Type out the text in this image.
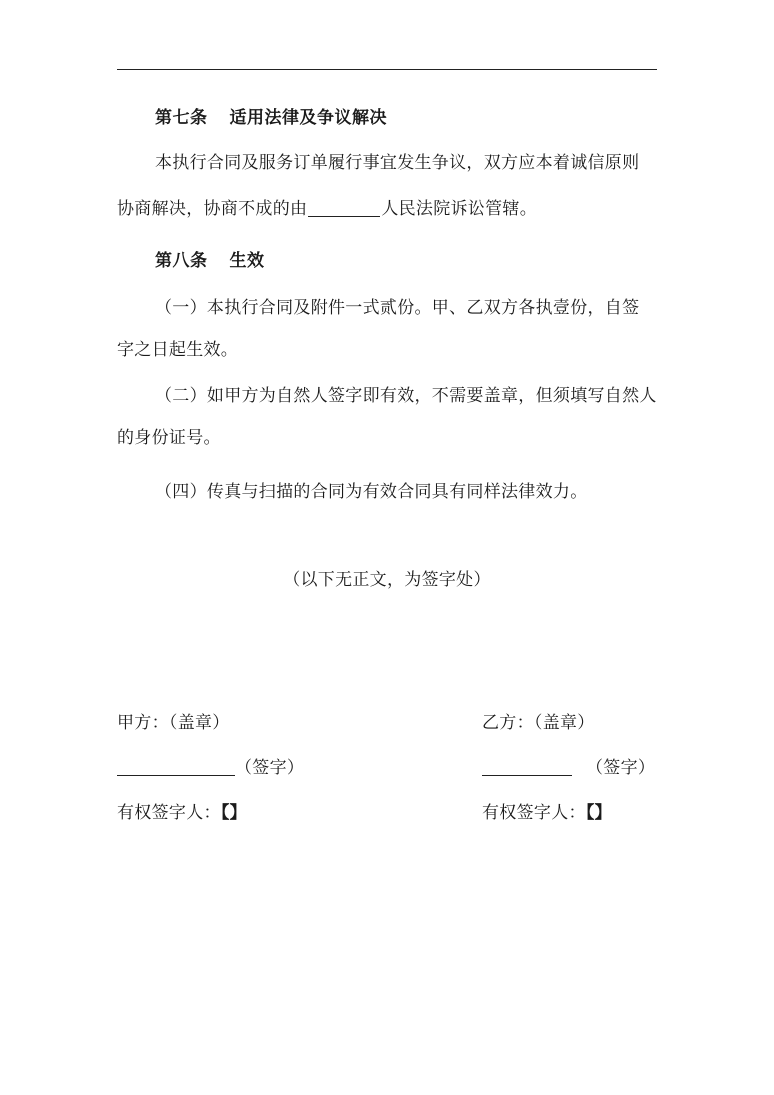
第七条 适用法律及争议解决
本执行合同及服务订单履行事宜发生争议，双方应本着诚信原则
协商解决，协商不成的由	人民法院诉讼管辖。
第八条 生效
（一）本执行合同及附件一式贰份。甲、乙双方各执壹份，自签
字之日起生效。
（二）如甲方为自然人签字即有效，不需要盖章，但须填写自然人
的身份证号。
（四）传真与扫描的合同为有效合同具有同样法律效力。
（以下无正文，为签字处）
甲方：（盖章）
（签字）
有权签字人：【】
乙方：（盖章）
（签字）
有权签字人：【】
